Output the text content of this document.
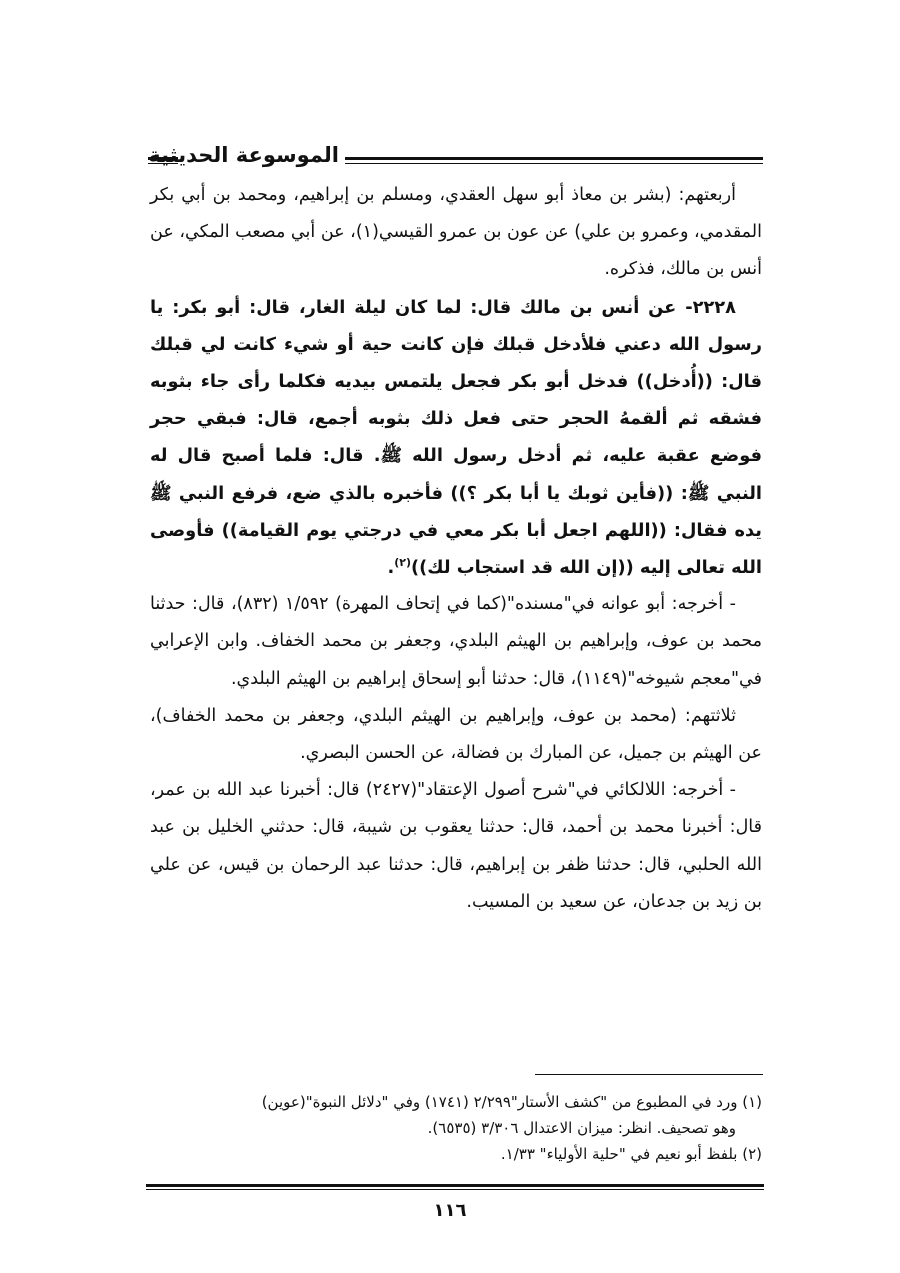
الموسوعة الحديثية

أربعتهم: (بشر بن معاذ أبو سهل العقدي، ومسلم بن إبراهيم، ومحمد بن أبي بكر المقدمي، وعمرو بن علي) عن عون بن عمرو القيسي(١)، عن أبي مصعب المكي، عن أنس بن مالك، فذكره.

٢٢٢٨- عن أنس بن مالك قال: لما كان ليلة الغار، قال: أبو بكر: يا رسول الله دعني فلأدخل قبلك فإن كانت حية أو شيء كانت لي قبلك قال: ((أُدخل)) فدخل أبو بكر فجعل يلتمس بيديه فكلما رأى جاء بثوبه فشقه ثم ألقمهُ الحجر حتى فعل ذلك بثوبه أجمع، قال: فبقي حجر فوضع عقبة عليه، ثم أدخل رسول الله ﷺ. قال: فلما أصبح قال له النبي ﷺ: ((فأين ثوبك يا أبا بكر ؟)) فأخبره بالذي ضع، فرفع النبي ﷺ يده فقال: ((اللهم اجعل أبا بكر معي في درجتي يوم القيامة)) فأوصى الله تعالى إليه ((إن الله قد استجاب لك))$^{(٢)}$.

- أخرجه: أبو عوانه في"مسنده"(كما في إتحاف المهرة) ١/٥٩٢ (٨٣٢)، قال: حدثنا محمد بن عوف، وإبراهيم بن الهيثم البلدي، وجعفر بن محمد الخفاف. وابن الإعرابي في"معجم شيوخه"(١١٤٩)، قال: حدثنا أبو إسحاق إبراهيم بن الهيثم البلدي.

ثلاثتهم: (محمد بن عوف، وإبراهيم بن الهيثم البلدي، وجعفر بن محمد الخفاف)، عن الهيثم بن جميل، عن المبارك بن فضالة، عن الحسن البصري.

- أخرجه: اللالكائي في"شرح أصول الإعتقاد"(٢٤٢٧) قال: أخبرنا عبد الله بن عمر، قال: أخبرنا محمد بن أحمد، قال: حدثنا يعقوب بن شيبة، قال: حدثني الخليل بن عبد الله الحلبي، قال: حدثنا ظفر بن إبراهيم، قال: حدثنا عبد الرحمان بن قيس، عن علي بن زيد بن جدعان، عن سعيد بن المسيب.

(١) ورد في المطبوع من "كشف الأستار"٢/٢٩٩ (١٧٤١) وفي "دلائل النبوة"(عوين)

وهو تصحيف. انظر: ميزان الاعتدال ٣/٣٠٦ (٦٥٣٥).

(٢) بلفظ أبو نعيم في "حلية الأولياء" ١/٣٣.

١١٦
